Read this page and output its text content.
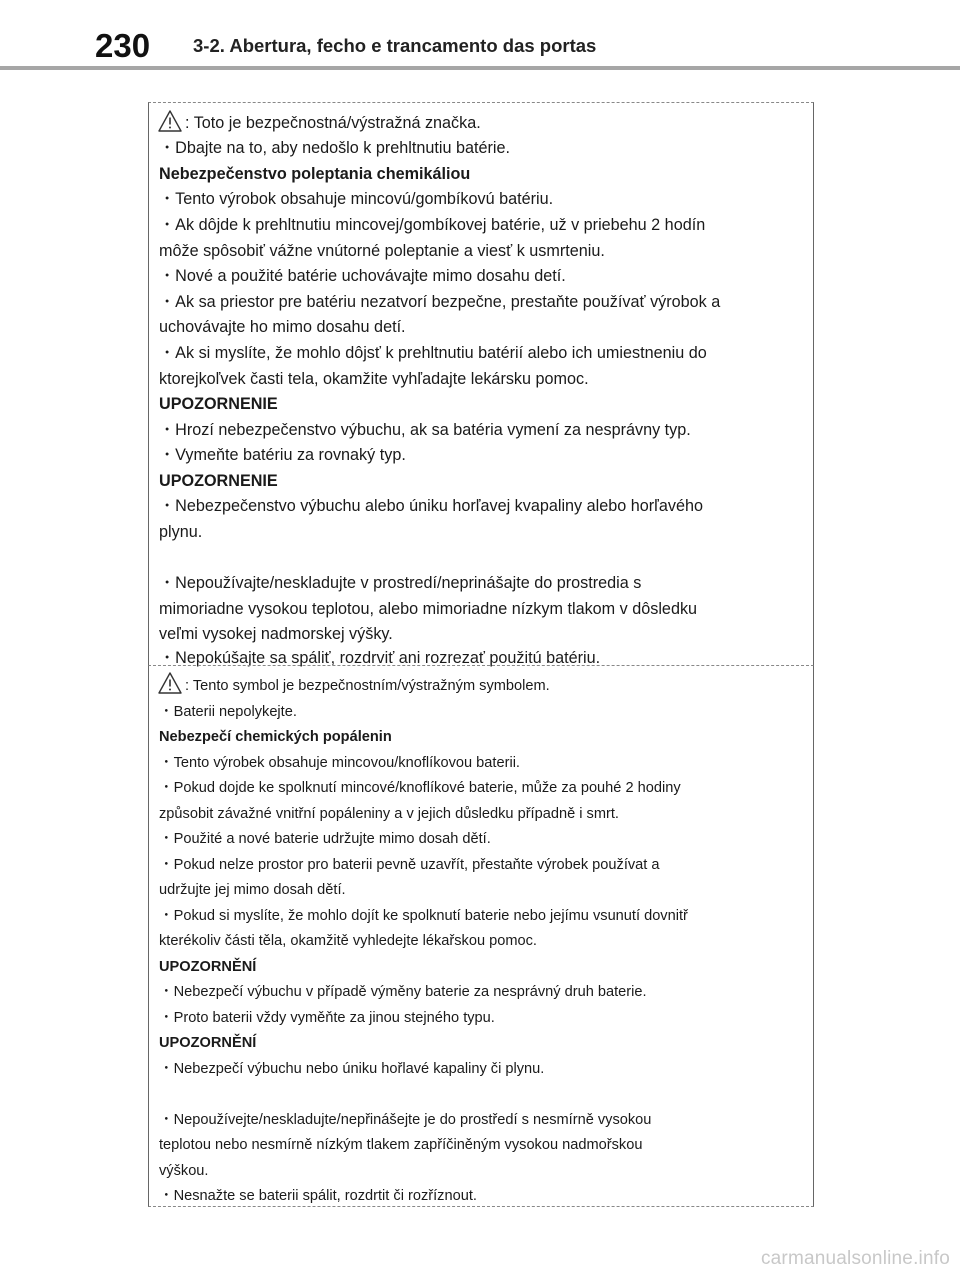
230 3-2. Abertura, fecho e trancamento das portas
: Toto je bezpečnostná/výstražná značka.
・Dbajte na to, aby nedošlo k prehltnutiu batérie.
Nebezpečenstvo poleptania chemikáliou
・Tento výrobok obsahuje mincovú/gombíkovú batériu.
・Ak dôjde k prehltnutiu mincovej/gombíkovej batérie, už v priebehu 2 hodín
môže spôsobiť vážne vnútorné poleptanie a viesť k usmrteniu.
・Nové a použité batérie uchovávajte mimo dosahu detí.
・Ak sa priestor pre batériu nezatvorí bezpečne, prestaňte používať výrobok a
uchovávajte ho mimo dosahu detí.
・Ak si myslíte, že mohlo dôjsť k prehltnutiu batérií alebo ich umiestneniu do
ktorejkoľvek časti tela, okamžite vyhľadajte lekársku pomoc.
UPOZORNENIE
・Hrozí nebezpečenstvo výbuchu, ak sa batéria vymení za nesprávny typ.
・Vymeňte batériu za rovnaký typ.
UPOZORNENIE
・Nebezpečenstvo výbuchu alebo úniku horľavej kvapaliny alebo horľavého
plynu.
・Nepoužívajte/neskladujte v prostredí/neprinášajte do prostredia s
mimoriadne vysokou teplotou, alebo mimoriadne nízkym tlakom v dôsledku
veľmi vysokej nadmorskej výšky.
・Nepokúšajte sa spáliť, rozdrviť ani rozrezať použitú batériu.
: Tento symbol je bezpečnostním/výstražným symbolem.
・Baterii nepolykejte.
Nebezpečí chemických popálenin
・Tento výrobek obsahuje mincovou/knoflíkovou baterii.
・Pokud dojde ke spolknutí mincové/knoflíkové baterie, může za pouhé 2 hodiny
způsobit závažné vnitřní popáleniny a v jejich důsledku případně i smrt.
・Použité a nové baterie udržujte mimo dosah dětí.
・Pokud nelze prostor pro baterii pevně uzavřít, přestaňte výrobek používat a
udržujte jej mimo dosah dětí.
・Pokud si myslíte, že mohlo dojít ke spolknutí baterie nebo jejímu vsunutí dovnitř
kterékoliv části těla, okamžitě vyhledejte lékařskou pomoc.
UPOZORNĚNÍ
・Nebezpečí výbuchu v případě výměny baterie za nesprávný druh baterie.
・Proto baterii vždy vyměňte za jinou stejného typu.
UPOZORNĚNÍ
・Nebezpečí výbuchu nebo úniku hořlavé kapaliny či plynu.
・Nepoužívejte/neskladujte/nepřinášejte je do prostředí s nesmírně vysokou
teplotou nebo nesmírně nízkým tlakem zapříčiněným vysokou nadmořskou
výškou.
・Nesnažte se baterii spálit, rozdrtit či rozříznout.
carmanualsonline.info
